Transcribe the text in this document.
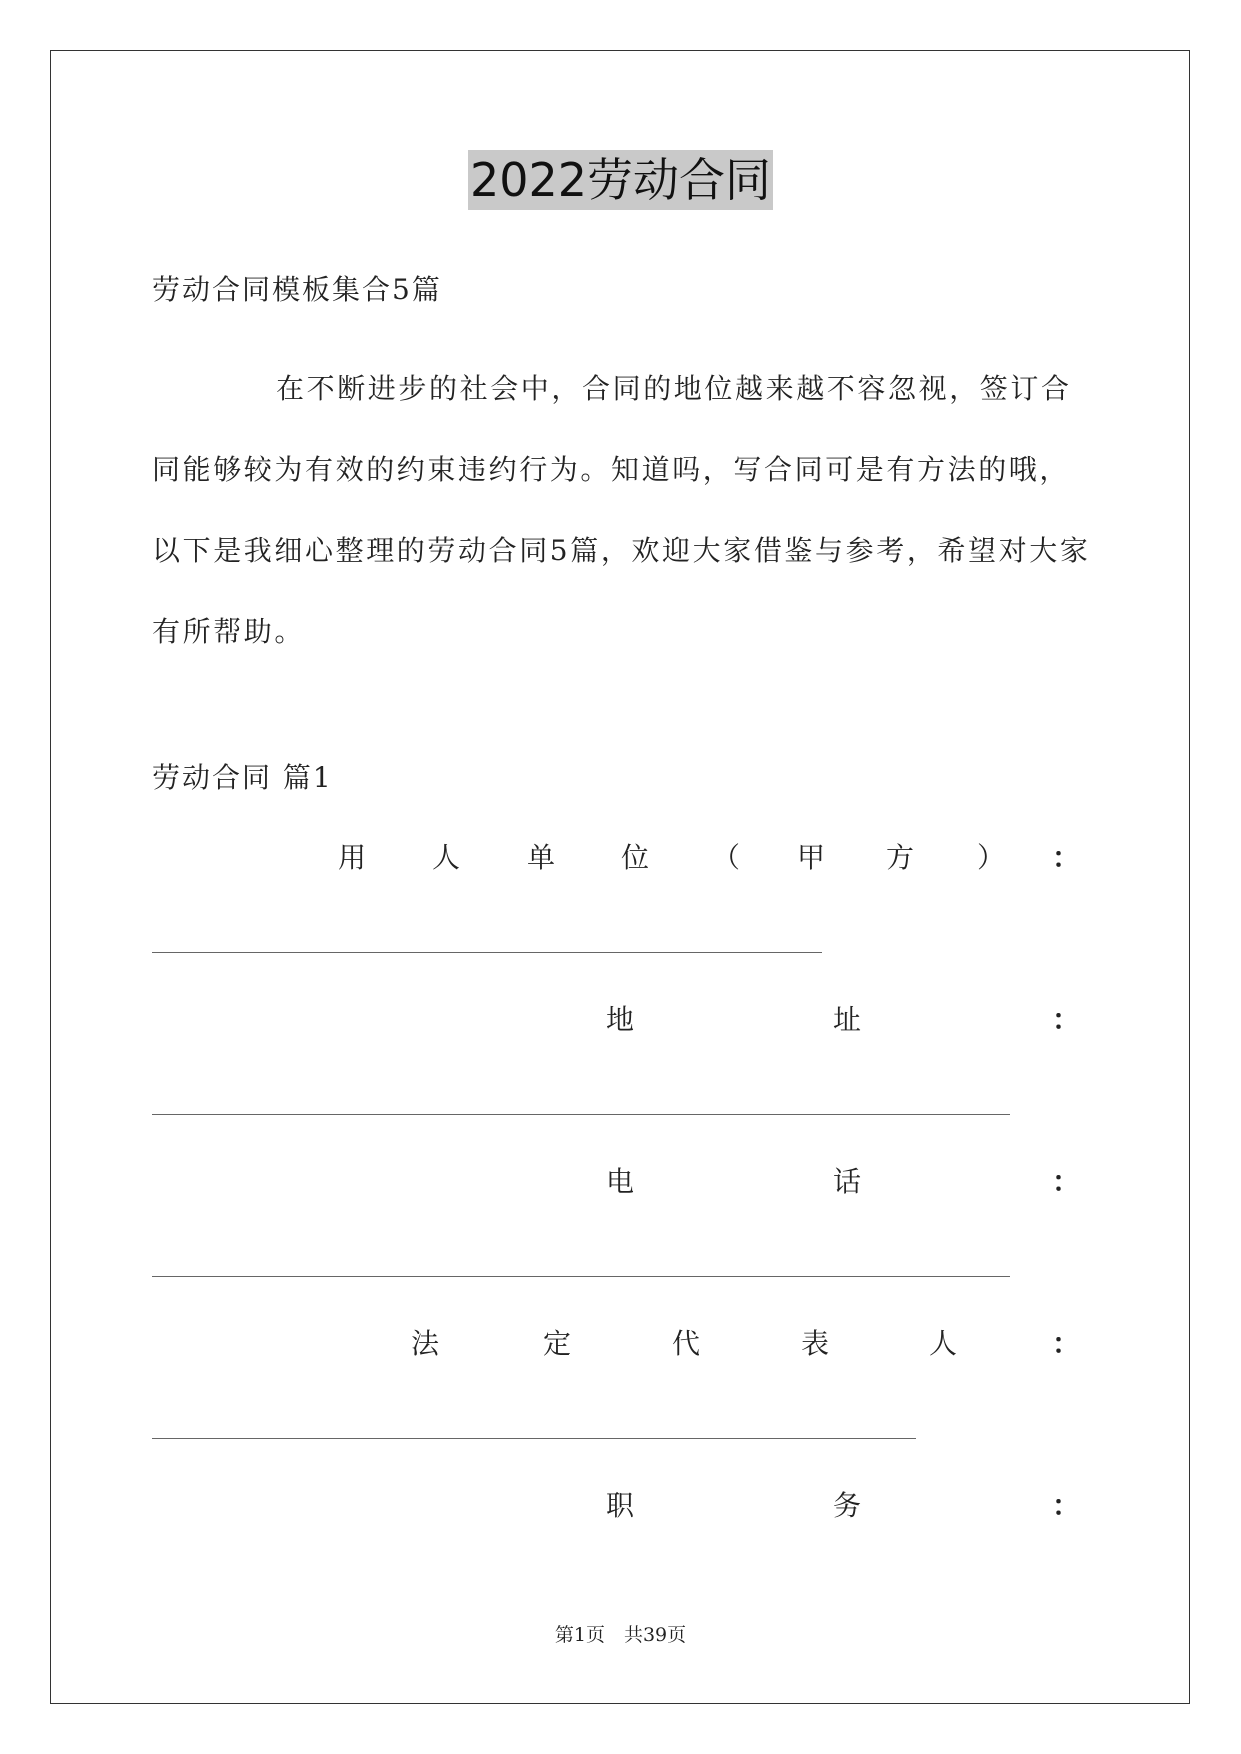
2022劳动合同
劳动合同模板集合5篇

在不断进步的社会中，合同的地位越来越不容忽视，签订合同能够较为有效的约束违约行为。知道吗，写合同可是有方法的哦，以下是我细心整理的劳动合同5篇，欢迎大家借鉴与参考，希望对大家有所帮助。

劳动合同 篇1
用 人 单 位 （ 甲 方 ） ：
地	址	：
电	话	：
法	定	代	表	人	：
职	务	：
第1页　共39页
